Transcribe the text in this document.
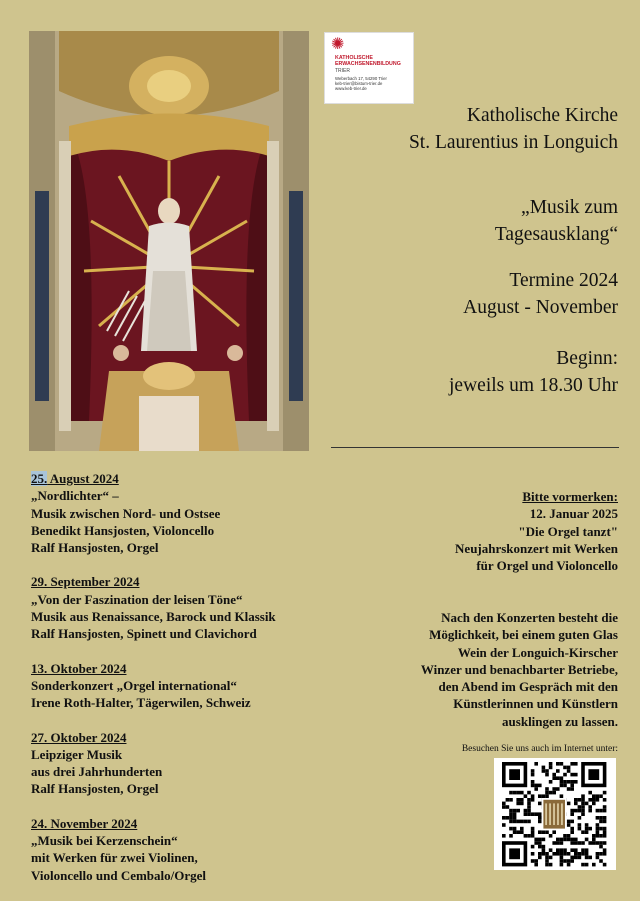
✺
KATHOLISCHE
ERWACHSENENBILDUNG
TRIER
Weberbach 17, 54290 Trier
keb-trier@bistum-trier.de
www.keb-trier.de
Katholische Kirche
St. Laurentius in Longuich
„Musik zum
Tagesausklang“
Termine 2024
August - November
Beginn:
jeweils um 18.30 Uhr
25. August 2024
„Nordlichter“ –
Musik zwischen Nord- und Ostsee
Benedikt Hansjosten, Violoncello
Ralf Hansjosten, Orgel
29. September 2024
„Von der Faszination der leisen Töne“
Musik aus Renaissance, Barock und Klassik
Ralf Hansjosten, Spinett und Clavichord
13. Oktober 2024
Sonderkonzert „Orgel international“
Irene Roth-Halter, Tägerwilen, Schweiz
27. Oktober 2024
Leipziger Musik
aus drei Jahrhunderten
Ralf Hansjosten, Orgel
24. November 2024
„Musik bei Kerzenschein“
mit Werken für zwei Violinen,
Violoncello und Cembalo/Orgel
Bitte vormerken:
12. Januar 2025
"Die Orgel tanzt"
Neujahrskonzert mit Werken
für Orgel und Violoncello
Nach den Konzerten besteht die
Möglichkeit, bei einem guten Glas
Wein der Longuich-Kirscher
Winzer und benachbarter Betriebe,
den Abend im Gespräch mit den
Künstlerinnen und Künstlern
ausklingen zu lassen.
Besuchen Sie uns auch im Internet unter:
